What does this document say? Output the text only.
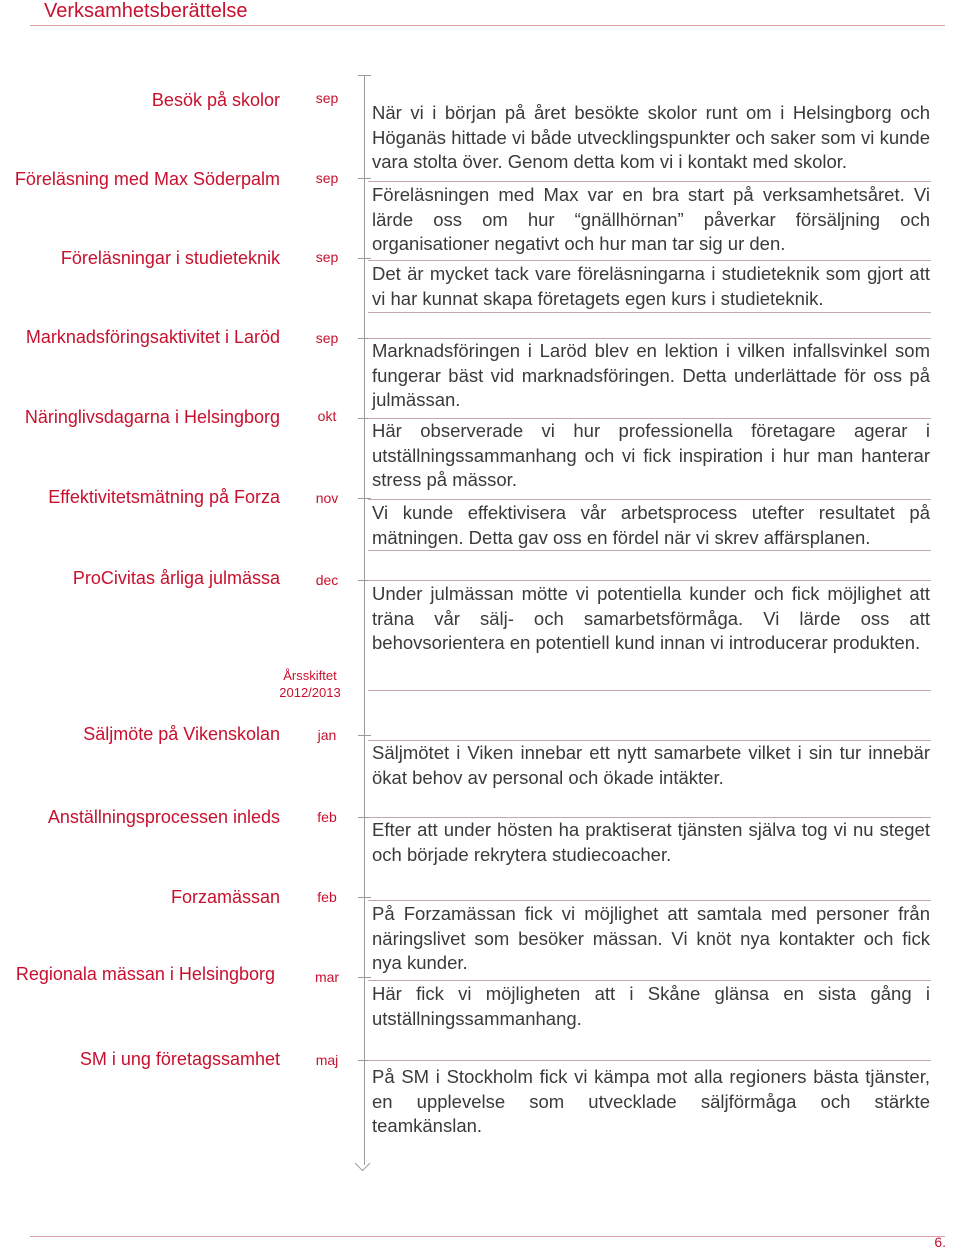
Verksamhetsberättelse
Besök på skolor
Föreläsning med Max Söderpalm
Föreläsningar i studieteknik
Marknadsföringsaktivitet i Laröd
Näringlivsdagarna i Helsingborg
Effektivitetsmätning på Forza
ProCivitas årliga julmässa
Säljmöte på Vikenskolan
Anställningsprocessen inleds
Forzamässan
Regionala mässan i Helsingborg
SM i ung företagssamhet
sep
sep
sep
sep
okt
nov
dec
jan
feb
feb
mar
maj
Årsskiftet
2012/2013
När vi i början på året besökte skolor runt om i Helsingborg och Höganäs hittade vi både utvecklingspunkter och saker som vi kunde vara stolta över. Genom detta kom vi i kontakt med skolor.
Föreläsningen med Max var en bra start på verksamhetsåret. Vi lärde oss om hur “gnällhörnan” påverkar försäljning och organisationer negativt och hur man tar sig ur den.
Det är mycket tack vare föreläsningarna i studieteknik som gjort att vi har kunnat skapa företagets egen kurs i studieteknik.
Marknadsföringen i Laröd blev en lektion i vilken infallsvinkel som fungerar bäst vid marknadsföringen. Detta underlättade för oss på julmässan.
Här observerade vi hur professionella företagare agerar i utställningssammanhang och vi fick inspiration i hur man hanterar stress på mässor.
Vi kunde effektivisera vår arbetsprocess utefter resultatet på mätningen. Detta gav oss en fördel när vi skrev affärsplanen.
Under julmässan mötte vi potentiella kunder och fick möjlighet att träna vår sälj- och samarbetsförmåga. Vi lärde oss att behovsorientera en potentiell kund innan vi introducerar produkten.
Säljmötet i Viken innebar ett nytt samarbete vilket i sin tur innebär ökat behov av personal och ökade intäkter.
Efter att under hösten ha praktiserat tjänsten själva tog vi nu steget och började rekrytera studiecoacher.
På Forzamässan fick vi möjlighet att samtala med personer från näringslivet som besöker mässan. Vi knöt nya kontakter och fick nya kunder.
Här fick vi möjligheten att i Skåne glänsa en sista gång i utställningssammanhang.
På SM i Stockholm fick vi kämpa mot alla regioners bästa tjänster, en upplevelse som utvecklade säljförmåga och stärkte teamkänslan.
6.
